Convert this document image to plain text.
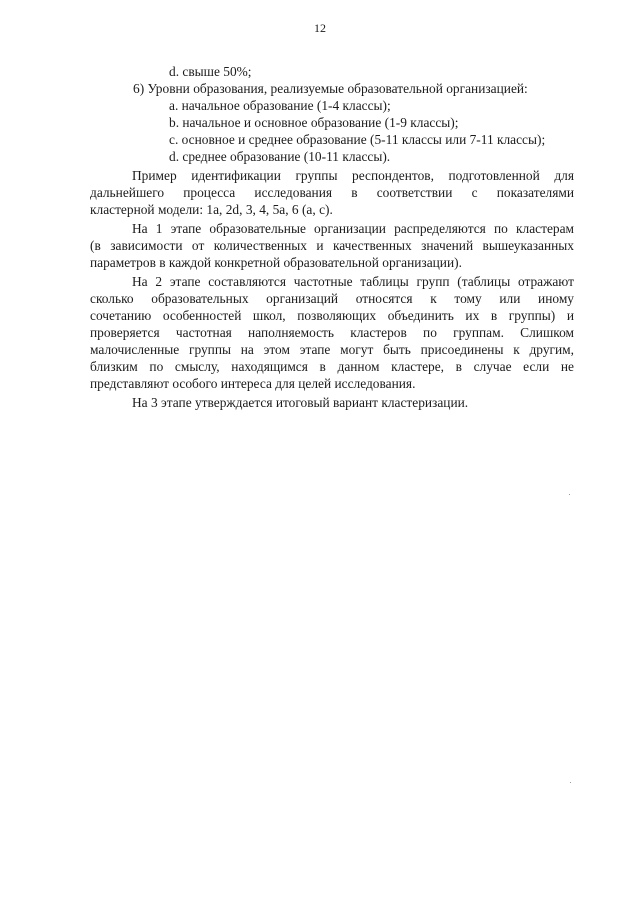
12
d. свыше 50%;
6) Уровни образования, реализуемые образовательной организацией:
a. начальное образование (1-4 классы);
b. начальное и основное образование (1-9 классы);
c. основное и среднее образование (5-11 классы или 7-11 классы);
d. среднее образование (10-11 классы).
Пример идентификации группы респондентов, подготовленной для
дальнейшего процесса исследования в соответствии с показателями
кластерной модели: 1a, 2d, 3, 4, 5a, 6 (a, c).
На 1 этапе образовательные организации распределяются по кластерам
(в зависимости от количественных и качественных значений вышеуказанных
параметров в каждой конкретной образовательной организации).
На 2 этапе составляются частотные таблицы групп (таблицы отражают
сколько образовательных организаций относятся к тому или иному
сочетанию особенностей школ, позволяющих объединить их в группы) и
проверяется частотная наполняемость кластеров по группам. Слишком
малочисленные группы на этом этапе могут быть присоединены к другим,
близким по смыслу, находящимся в данном кластере, в случае если не
представляют особого интереса для целей исследования.
На 3 этапе утверждается итоговый вариант кластеризации.
